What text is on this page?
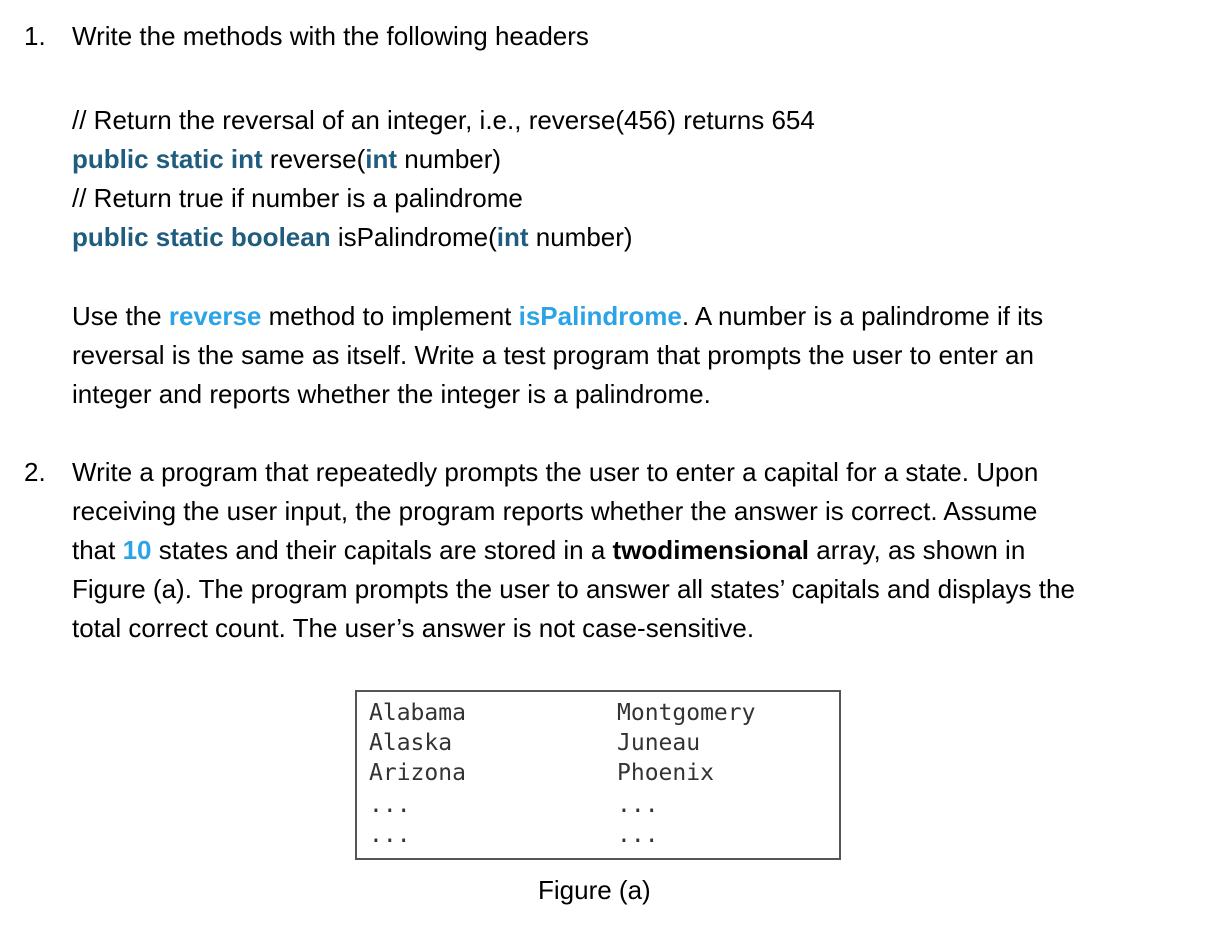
1. Write the methods with the following headers
// Return the reversal of an integer, i.e., reverse(456) returns 654
public static int reverse(int number)
// Return true if number is a palindrome
public static boolean isPalindrome(int number)
Use the reverse method to implement isPalindrome. A number is a palindrome if its
reversal is the same as itself. Write a test program that prompts the user to enter an
integer and reports whether the integer is a palindrome.
2. Write a program that repeatedly prompts the user to enter a capital for a state. Upon
receiving the user input, the program reports whether the answer is correct. Assume
that 10 states and their capitals are stored in a twodimensional array, as shown in
Figure (a). The program prompts the user to answer all states’ capitals and displays the
total correct count. The user’s answer is not case-sensitive.
Alabama	Montgomery
Alaska	Juneau
Arizona	Phoenix
...	...
...	...
Figure (a)
